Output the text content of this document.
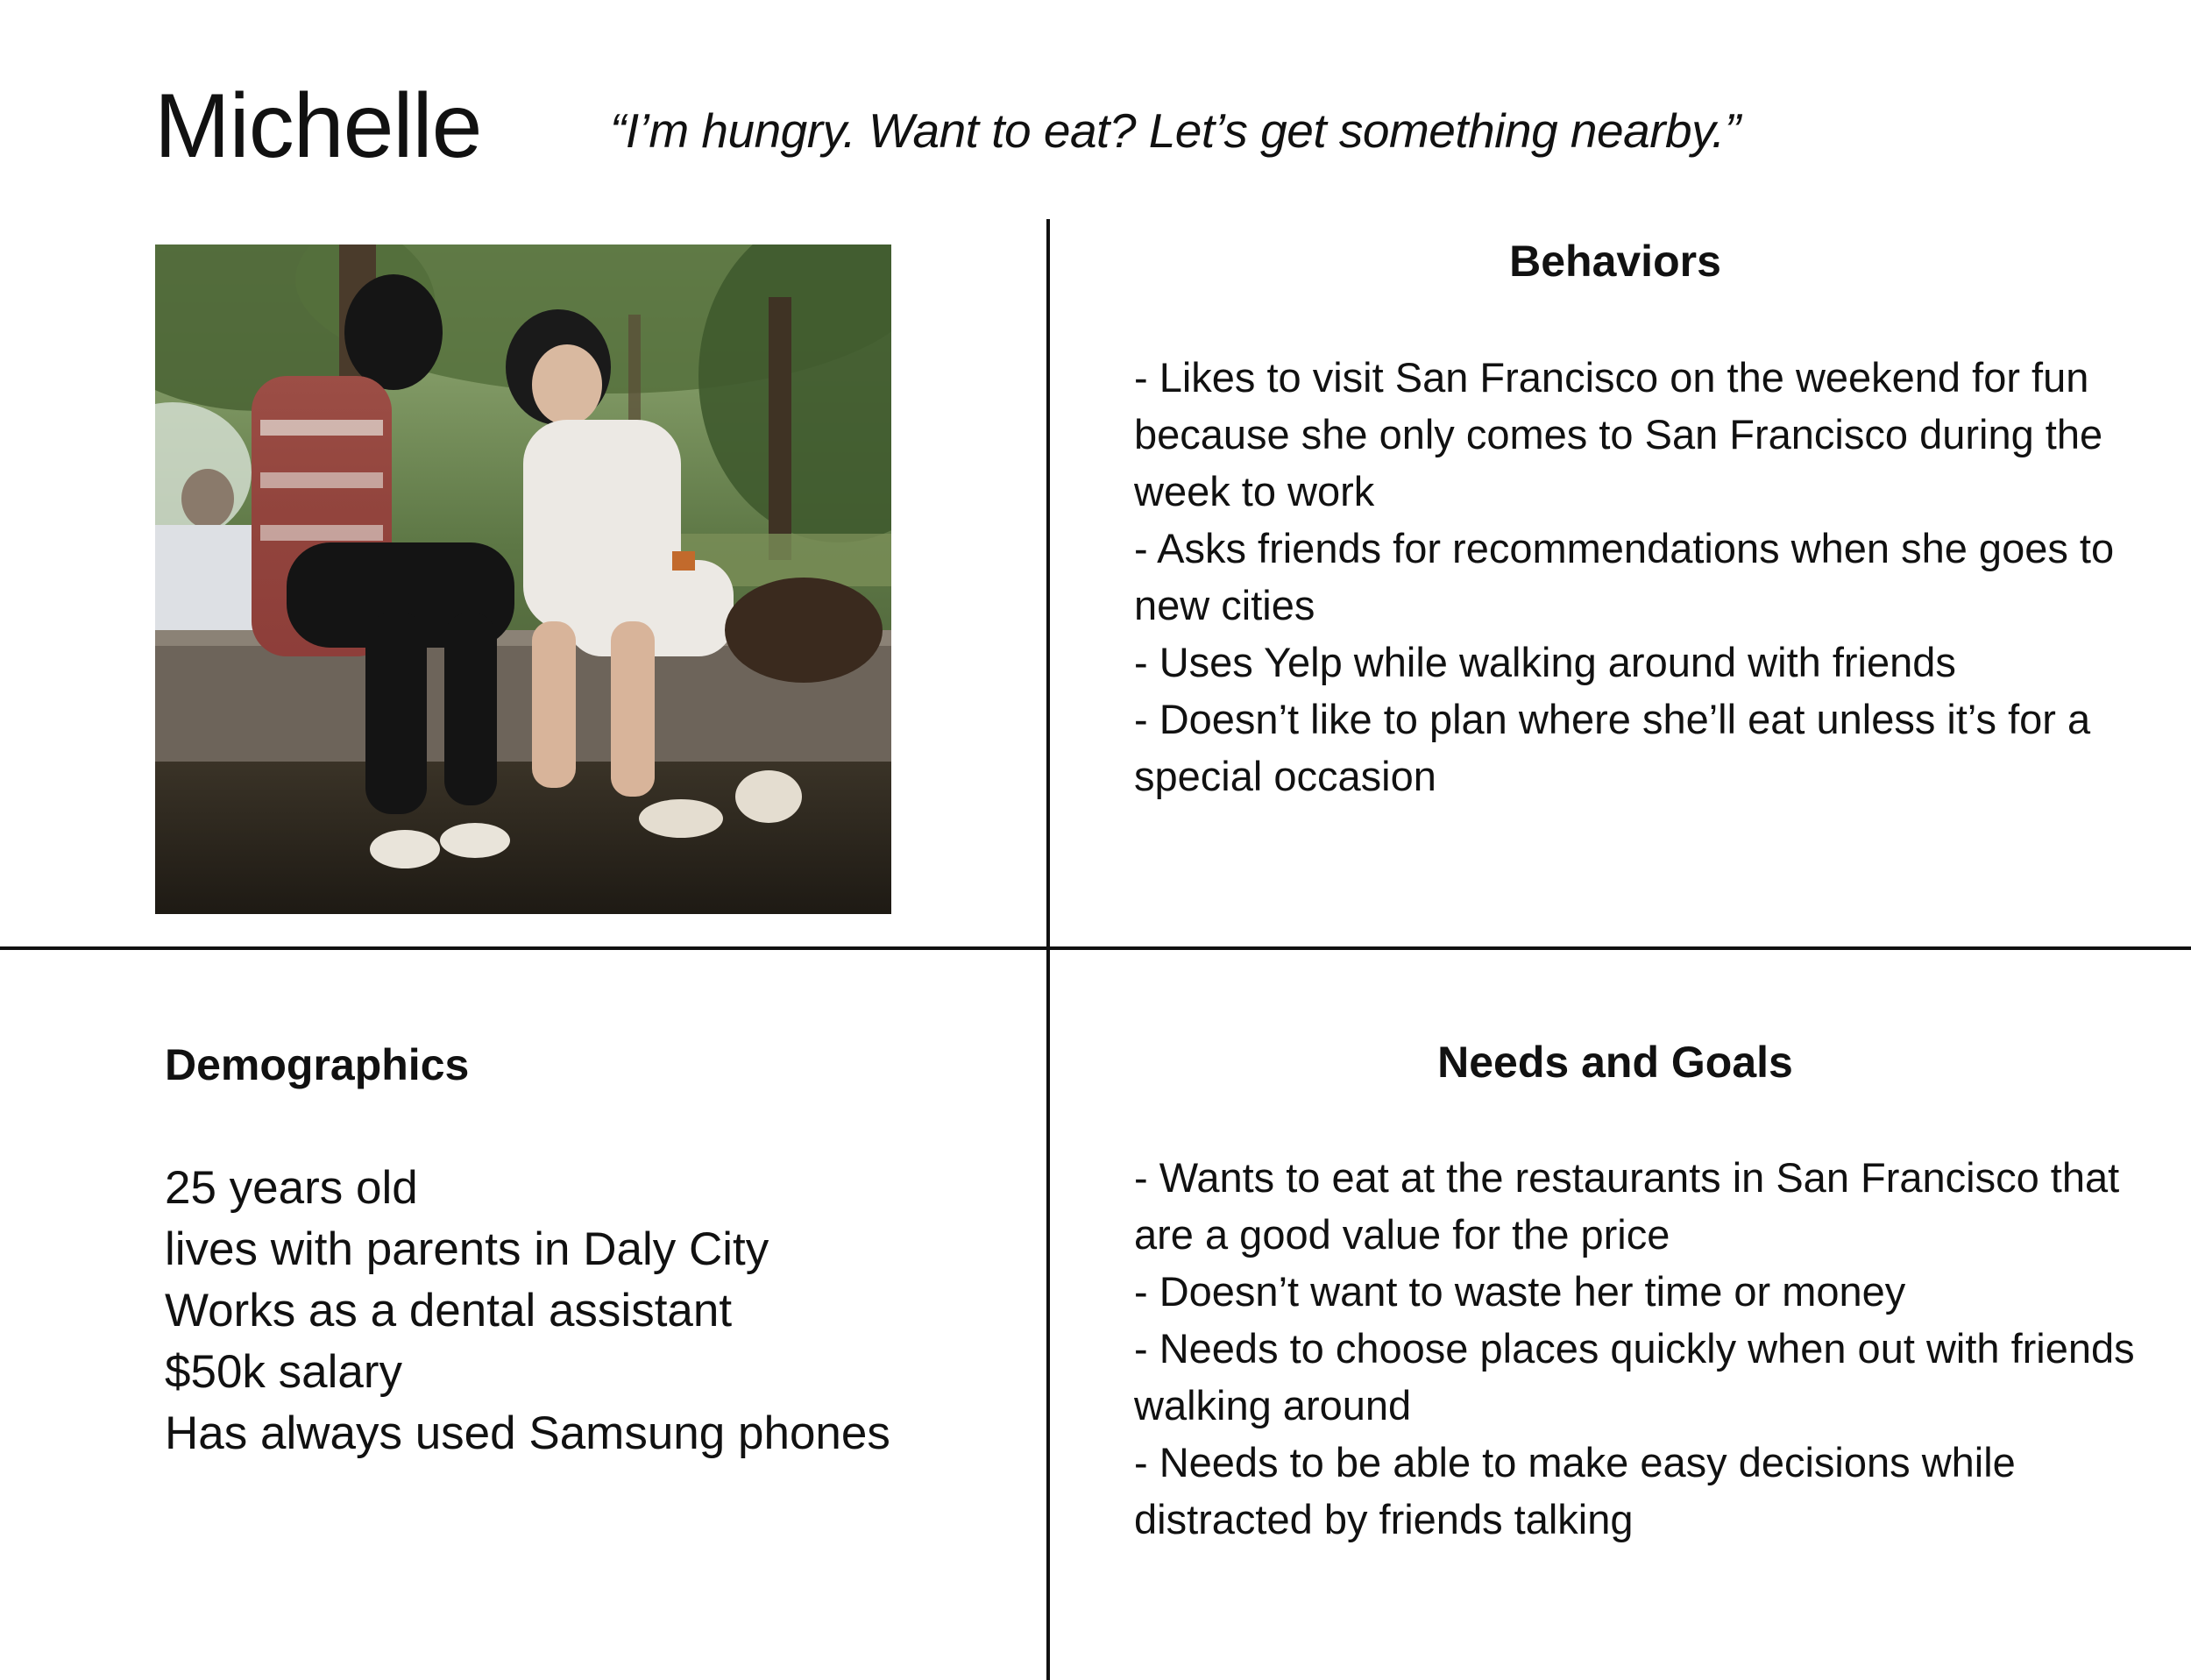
Michelle	“I’m hungry. Want to eat? Let’s get something nearby.”
Behaviors
- Likes to visit San Francisco on the weekend for fun because she only comes to San Francisco during the week to work
- Asks friends for recommendations when she goes to new cities
- Uses Yelp while walking around with friends
- Doesn’t like to plan where she’ll eat unless it’s for a special occasion
Demographics
25 years old
lives with parents in Daly City
Works as a dental assistant
$50k salary
Has always used Samsung phones
Needs and Goals
- Wants to eat at the restaurants in San Francisco that are a good value for the price
- Doesn’t want to waste her time or money
- Needs to choose places quickly when out with friends walking around
- Needs to be able to make easy decisions while distracted by friends talking
